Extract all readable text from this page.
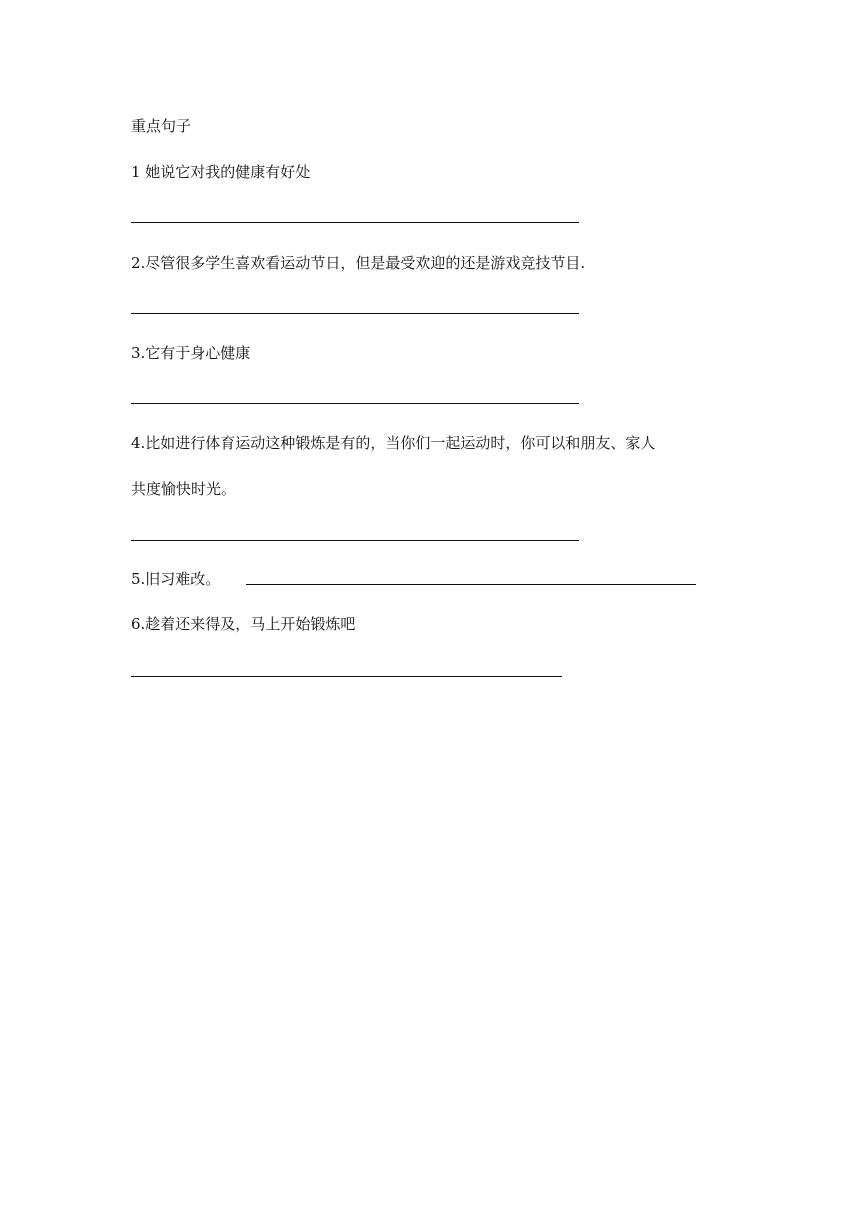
重点句子
1 她说它对我的健康有好处
2.尽管很多学生喜欢看运动节日，但是最受欢迎的还是游戏竞技节目.
3.它有于身心健康
4.比如进行体育运动这种锻炼是有的，当你们一起运动时，你可以和朋友、家人
共度愉快时光。
5.旧习难改。
6.趁着还来得及，马上开始锻炼吧
